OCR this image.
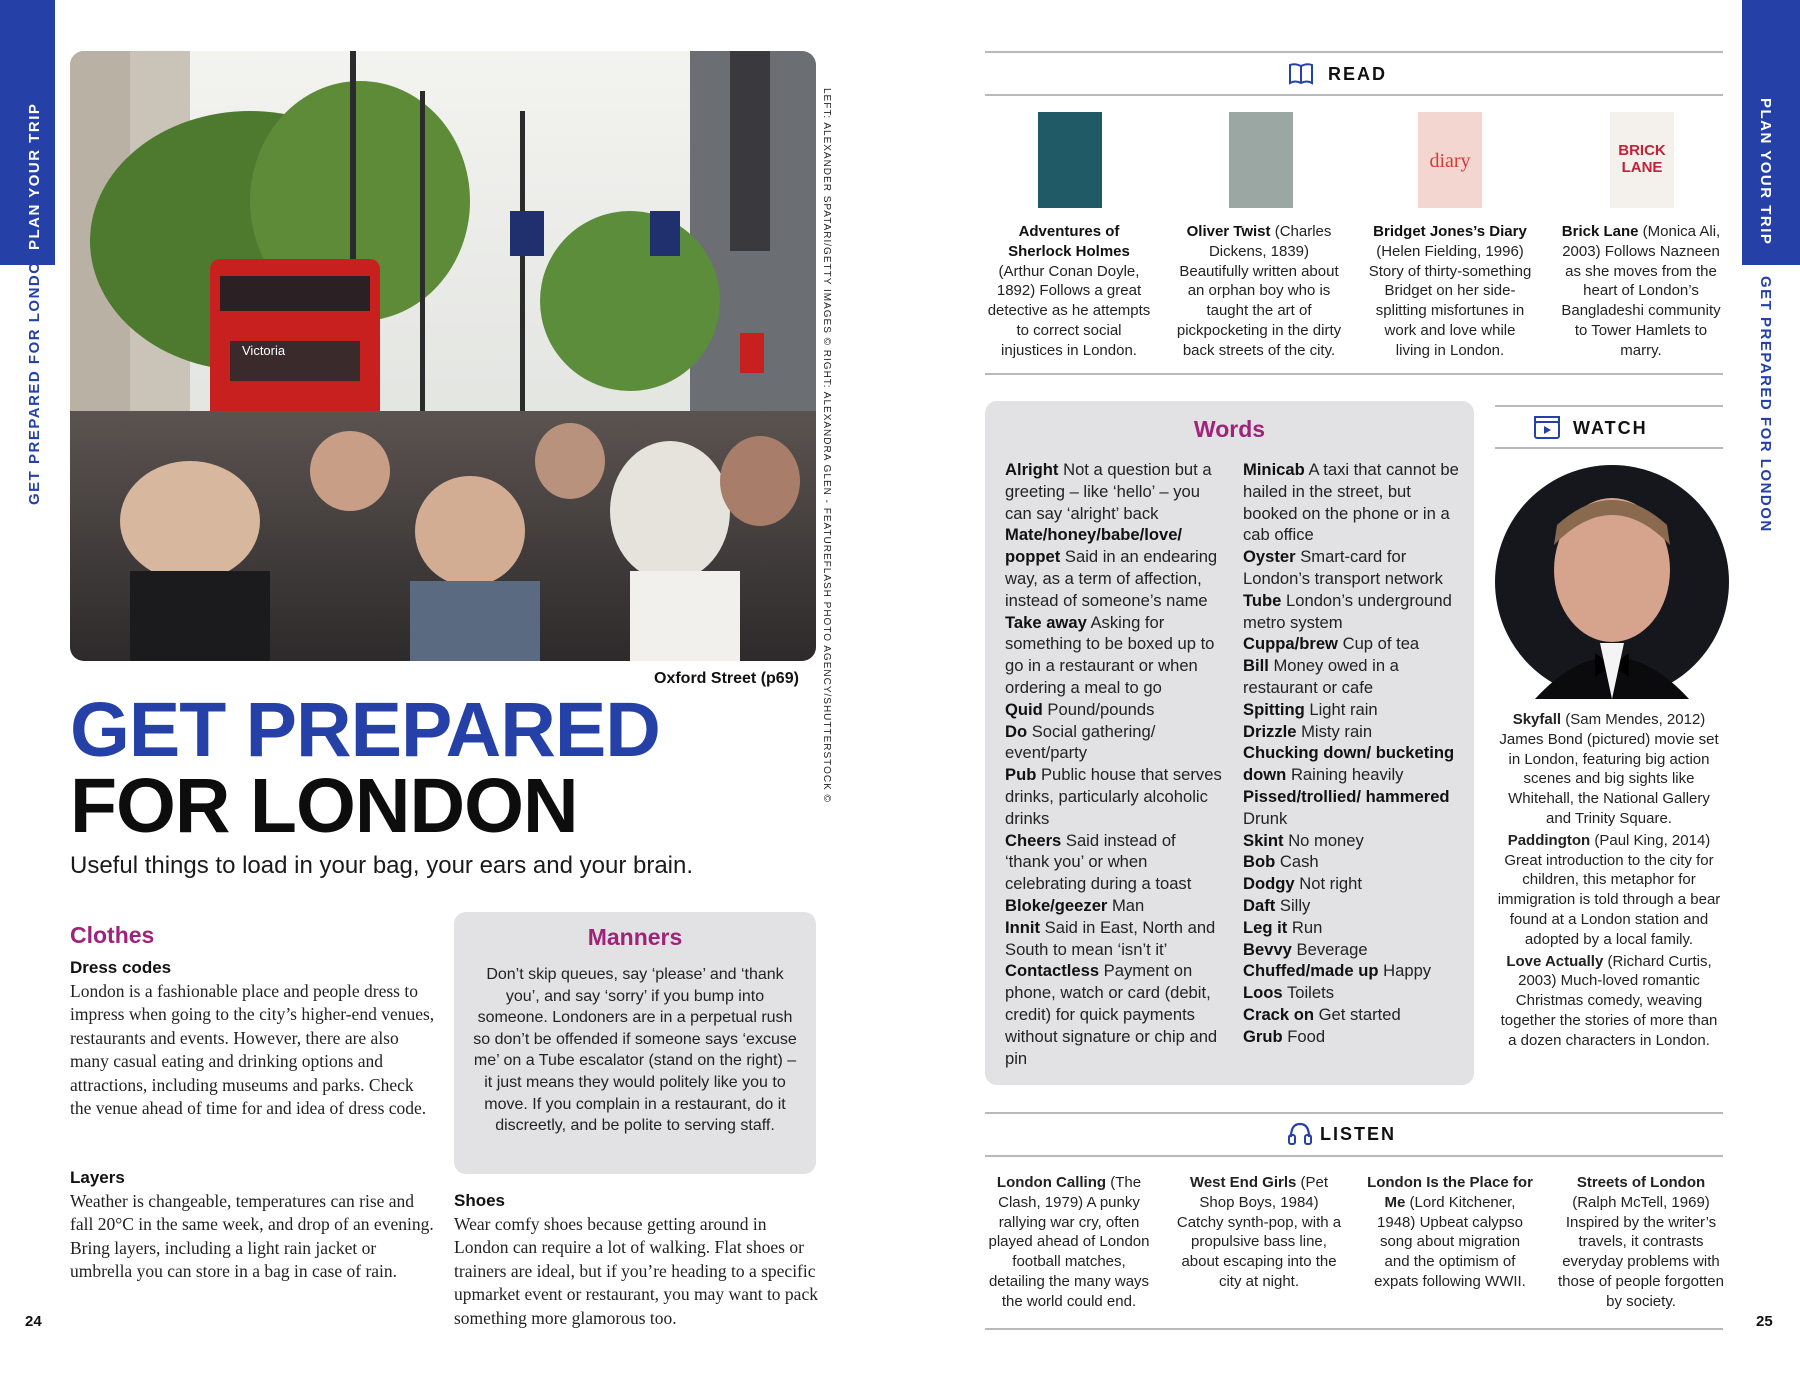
PLAN YOUR TRIP
GET PREPARED FOR LONDON
PLAN YOUR TRIP
GET PREPARED FOR LONDON
Victoria	LEFT: ALEXANDER SPATARI/GETTY IMAGES © RIGHT: ALEXANDRA GLEN - FEATUREFLASH PHOTO AGENCY/SHUTTERSTOCK ©
Oxford Street (p69)
GET PREPARED
FOR LONDON
Useful things to load in your bag, your ears and your brain.
Clothes
Dress codes
London is a fashionable place and people dress to impress when going to the city’s higher-end venues, restaurants and events. However, there are also many casual eating and drinking options and attractions, including museums and parks. Check the venue ahead of time for and idea of dress code.
Layers
Weather is changeable, temperatures can rise and fall 20°C in the same week, and drop of an evening. Bring layers, including a light rain jacket or umbrella you can store in a bag in case of rain.
Manners
Don’t skip queues, say ‘please’ and ‘thank you’, and say ‘sorry’ if you bump into someone. Londoners are in a perpetual rush so don’t be offended if someone says ‘excuse me’ on a Tube escalator (stand on the right) – it just means they would politely like you to move. If you complain in a restaurant, do it discreetly, and be polite to serving staff.
Shoes
Wear comfy shoes because getting around in London can require a lot of walking. Flat shoes or trainers are ideal, but if you’re heading to a specific upmarket event or restaurant, you may want to pack something more glamorous too.
24	25
READ
diary	BRICK LANE
Adventures of Sherlock Holmes (Arthur Conan Doyle, 1892) Follows a great detective as he attempts to correct social injustices in London.
Oliver Twist (Charles Dickens, 1839) Beautifully written about an orphan boy who is taught the art of pickpocketing in the dirty back streets of the city.
Bridget Jones’s Diary (Helen Fielding, 1996) Story of thirty-something Bridget on her side-splitting misfortunes in work and love while living in London.
Brick Lane (Monica Ali, 2003) Follows Nazneen as she moves from the heart of London’s Bangladeshi community to Tower Hamlets to marry.
Words
Alright Not a question but a greeting – like ‘hello’ – you can say ‘alright’ back
Mate/honey/babe/love/ poppet Said in an endearing way, as a term of affection, instead of someone’s name
Take away Asking for something to be boxed up to go in a restaurant or when ordering a meal to go
Quid Pound/pounds
Do Social gathering/ event/party
Pub Public house that serves drinks, particularly alcoholic drinks
Cheers Said instead of ‘thank you’ or when celebrating during a toast
Bloke/geezer Man
Innit Said in East, North and South to mean ‘isn’t it’
Contactless Payment on phone, watch or card (debit, credit) for quick payments without signature or chip and pin
Minicab A taxi that cannot be hailed in the street, but booked on the phone or in a cab office
Oyster Smart-card for London’s transport network
Tube London’s underground metro system
Cuppa/brew Cup of tea
Bill Money owed in a restaurant or cafe
Spitting Light rain
Drizzle Misty rain
Chucking down/ bucketing down Raining heavily
Pissed/trollied/ hammered Drunk
Skint No money
Bob Cash
Dodgy Not right
Daft Silly
Leg it Run
Bevvy Beverage
Chuffed/made up Happy
Loos Toilets
Crack on Get started
Grub Food
WATCH
Skyfall (Sam Mendes, 2012) James Bond (pictured) movie set in London, featuring big action scenes and big sights like Whitehall, the National Gallery and Trinity Square.
Paddington (Paul King, 2014) Great introduction to the city for children, this metaphor for immigration is told through a bear found at a London station and adopted by a local family.
Love Actually (Richard Curtis, 2003) Much-loved romantic Christmas comedy, weaving together the stories of more than a dozen characters in London.
LISTEN
London Calling (The Clash, 1979) A punky rallying war cry, often played ahead of London football matches, detailing the many ways the world could end.
West End Girls (Pet Shop Boys, 1984) Catchy synth-pop, with a propulsive bass line, about escaping into the city at night.
London Is the Place for Me (Lord Kitchener, 1948) Upbeat calypso song about migration and the optimism of expats following WWII.
Streets of London (Ralph McTell, 1969) Inspired by the writer’s travels, it contrasts everyday problems with those of people forgotten by society.
